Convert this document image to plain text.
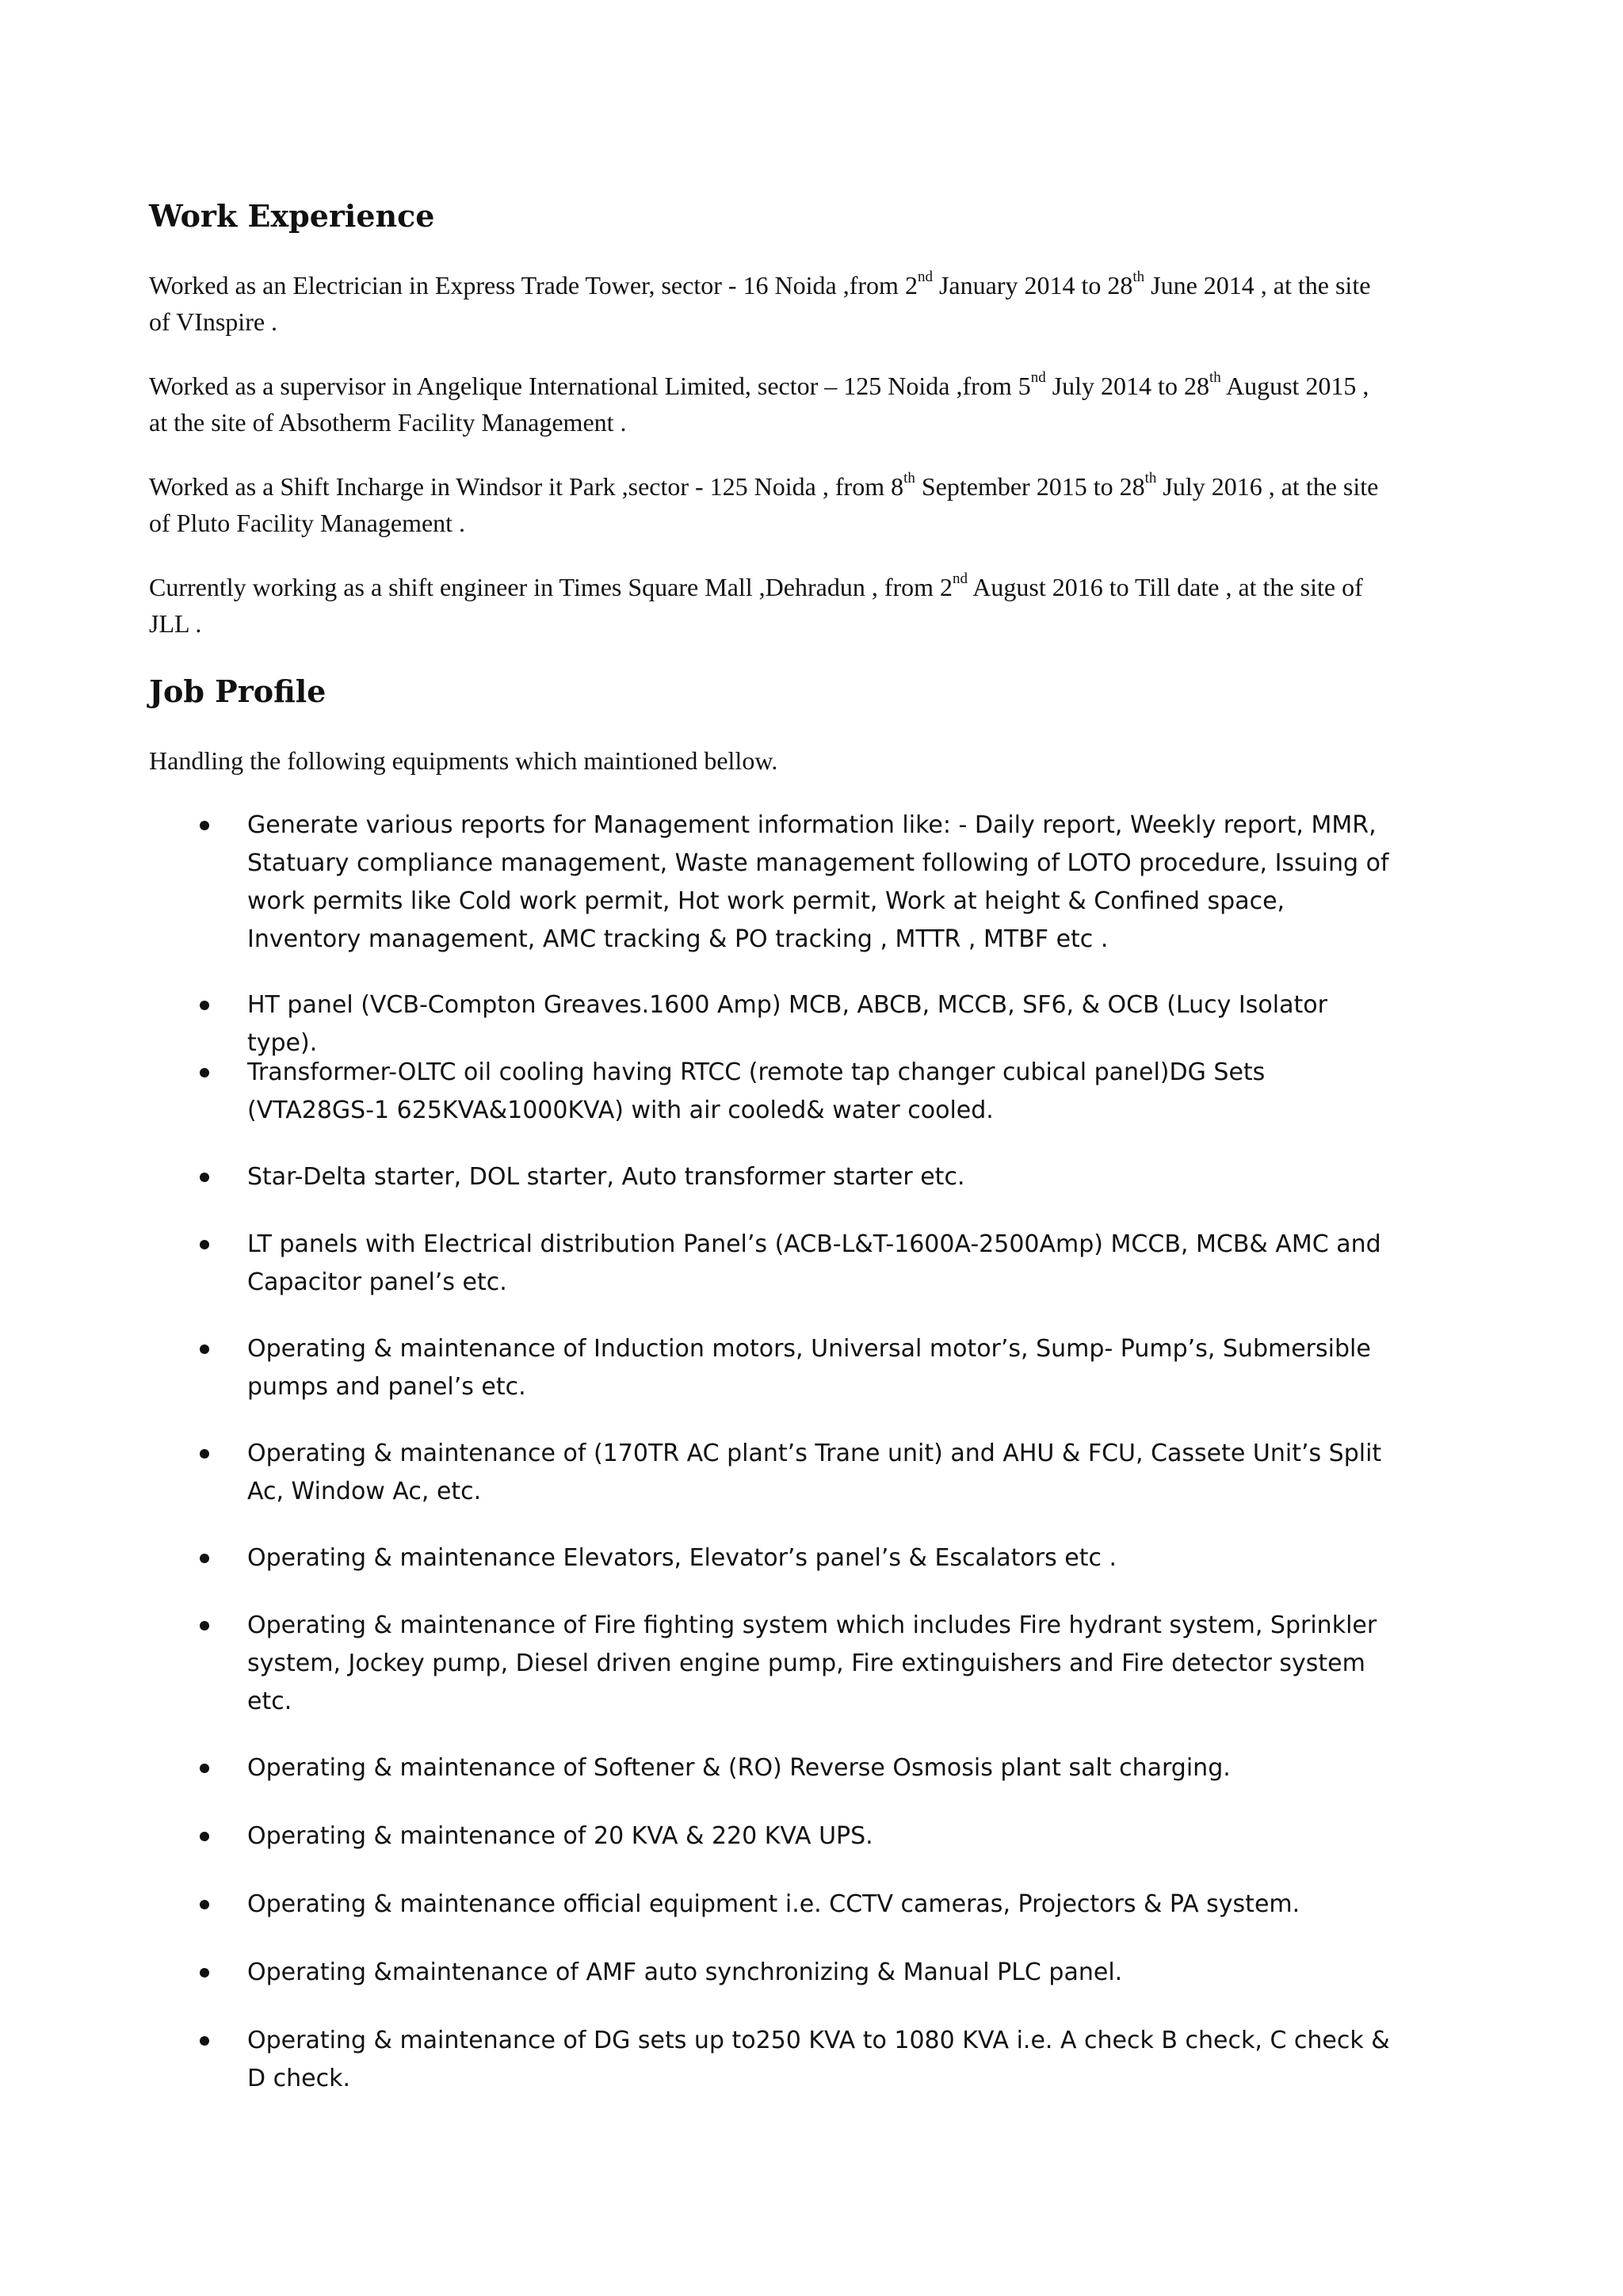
Work Experience

Worked as an Electrician in Express Trade Tower, sector - 16 Noida ,from 2nd January 2014 to 28th June 2014 , at the site of VInspire .

Worked as a supervisor in Angelique International Limited, sector – 125 Noida ,from 5nd July 2014 to 28th August 2015 , at the site of Absotherm Facility Management .

Worked as a Shift Incharge in Windsor it Park ,sector - 125 Noida , from 8th September 2015 to 28th July 2016 , at the site of Pluto Facility Management .

Currently working as a shift engineer in Times Square Mall ,Dehradun , from 2nd August 2016 to Till date , at the site of JLL .

Job Profile

Handling the following equipments which maintioned bellow.

Generate various reports for Management information like: - Daily report, Weekly report, MMR, Statuary compliance management, Waste management following of LOTO procedure, Issuing of work permits like Cold work permit, Hot work permit, Work at height & Confined space, Inventory management, AMC tracking & PO tracking , MTTR , MTBF etc .
HT panel (VCB-Compton Greaves.1600 Amp) MCB, ABCB, MCCB, SF6, & OCB (Lucy Isolator type).
Transformer-OLTC oil cooling having RTCC (remote tap changer cubical panel)DG Sets (VTA28GS-1 625KVA&1000KVA) with air cooled& water cooled.
Star-Delta starter, DOL starter, Auto transformer starter etc.
LT panels with Electrical distribution Panel’s (ACB-L&T-1600A-2500Amp) MCCB, MCB& AMC and Capacitor panel’s etc.
Operating & maintenance of Induction motors, Universal motor’s, Sump- Pump’s, Submersible pumps and panel’s etc.
Operating & maintenance of (170TR AC plant’s Trane unit) and AHU & FCU, Cassete Unit’s Split Ac, Window Ac, etc.
Operating & maintenance Elevators, Elevator’s panel’s & Escalators etc .
Operating & maintenance of Fire fighting system which includes Fire hydrant system, Sprinkler system, Jockey pump, Diesel driven engine pump, Fire extinguishers and Fire detector system etc.
Operating & maintenance of Softener & (RO) Reverse Osmosis plant salt charging.
Operating & maintenance of 20 KVA & 220 KVA UPS.
Operating & maintenance official equipment i.e. CCTV cameras, Projectors & PA system.
Operating &maintenance of AMF auto synchronizing & Manual PLC panel.
Operating & maintenance of DG sets up to250 KVA to 1080 KVA i.e. A check B check, C check & D check.
